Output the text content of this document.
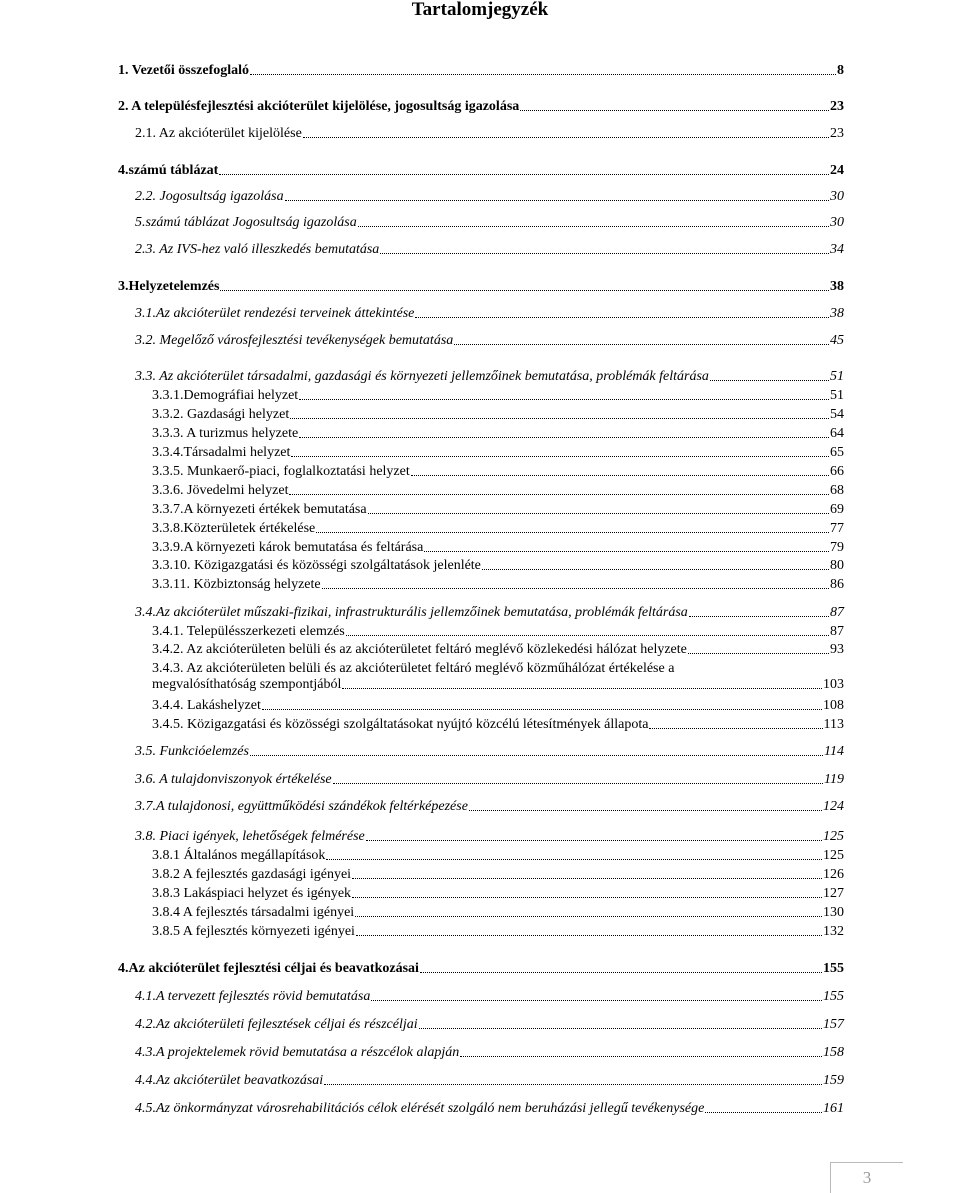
Tartalomjegyzék
1. Vezetői összefoglaló	8
2. A településfejlesztési akcióterület kijelölése, jogosultság igazolása	23
2.1. Az akcióterület kijelölése	23
4.számú táblázat	24
2.2. Jogosultság igazolása	30
5.számú táblázat Jogosultság igazolása	30
2.3. Az IVS-hez való illeszkedés bemutatása	34
3.Helyzetelemzés	38
3.1.Az akcióterület rendezési terveinek áttekintése	38
3.2. Megelőző városfejlesztési tevékenységek bemutatása	45
3.3. Az akcióterület társadalmi, gazdasági és környezeti jellemzőinek bemutatása, problémák feltárása	51
3.3.1.Demográfiai helyzet	51
3.3.2. Gazdasági helyzet	54
3.3.3. A turizmus helyzete	64
3.3.4.Társadalmi helyzet	65
3.3.5. Munkaerő-piaci, foglalkoztatási helyzet	66
3.3.6. Jövedelmi helyzet	68
3.3.7.A környezeti értékek bemutatása	69
3.3.8.Közterületek értékelése	77
3.3.9.A környezeti károk bemutatása és feltárása	79
3.3.10. Közigazgatási és közösségi szolgáltatások jelenléte	80
3.3.11. Közbiztonság helyzete	86
3.4.Az akcióterület műszaki-fizikai, infrastrukturális jellemzőinek bemutatása, problémák feltárása	87
3.4.1. Településszerkezeti elemzés	87
3.4.2. Az akcióterületen belüli és az akcióterületet feltáró meglévő közlekedési hálózat helyzete	93
3.4.3. Az akcióterületen belüli és az akcióterületet feltáró meglévő közműhálózat értékelése a
megvalósíthatóság szempontjából	103
3.4.4. Lakáshelyzet	108
3.4.5. Közigazgatási és közösségi szolgáltatásokat nyújtó közcélú létesítmények állapota	113
3.5. Funkcióelemzés	114
3.6. A tulajdonviszonyok értékelése	119
3.7.A tulajdonosi, együttműködési szándékok feltérképezése	124
3.8. Piaci igények, lehetőségek felmérése	125
3.8.1 Általános megállapítások	125
3.8.2 A fejlesztés gazdasági igényei	126
3.8.3 Lakáspiaci helyzet és igények	127
3.8.4 A fejlesztés társadalmi igényei	130
3.8.5 A fejlesztés környezeti igényei	132
4.Az akcióterület fejlesztési céljai és beavatkozásai	155
4.1.A tervezett fejlesztés rövid bemutatása	155
4.2.Az akcióterületi fejlesztések céljai és részcéljai	157
4.3.A projektelemek rövid bemutatása a részcélok alapján	158
4.4.Az akcióterület beavatkozásai	159
4.5.Az önkormányzat városrehabilitációs célok elérését szolgáló nem beruházási jellegű tevékenysége	161
3
